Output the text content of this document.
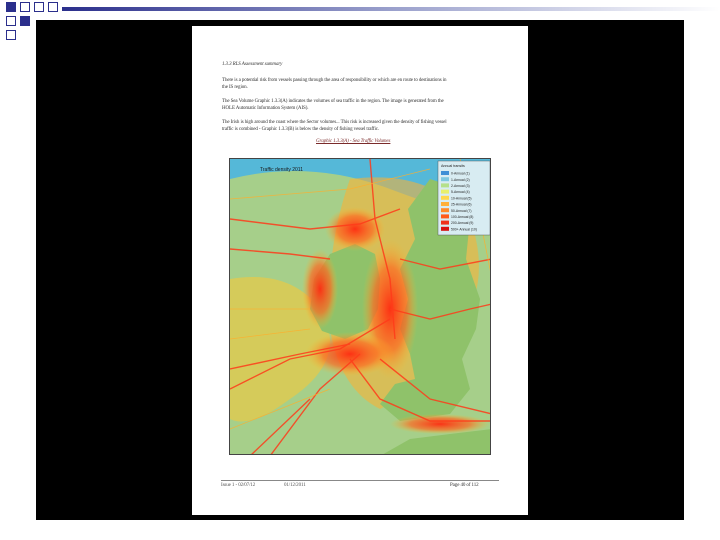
1.3.3 RLS Assessment summary
There is a potential risk from vessels passing through the area of responsibility or which are en route to destinations in
the IS region.
The Sea Volume Graphic 1.3.3(A) indicates the volumes of sea traffic in the region. The image is generated from the
HOLE Automatic Information System (AIS).
The Irish is high around the coast where the Sector volumes... This risk is increased given the density of fishing vessel
traffic is combined - Graphic 1.3.3(B) is below the density of fishing vessel traffic.
Graphic 1.3.3(A) - Sea Traffic Volumes
Traffic density 2011
Annual transits
0-Annual (1)
1-Annual (2)
2-Annual (3)
5-Annual (4)
10-Annual (5)
25-Annual (6)
50-Annual (7)
100-Annual (8)
200-Annual (9)
500+ Annual (10)
Issue 1 - 02/07/12	01/12/2011	Page 40 of 112
